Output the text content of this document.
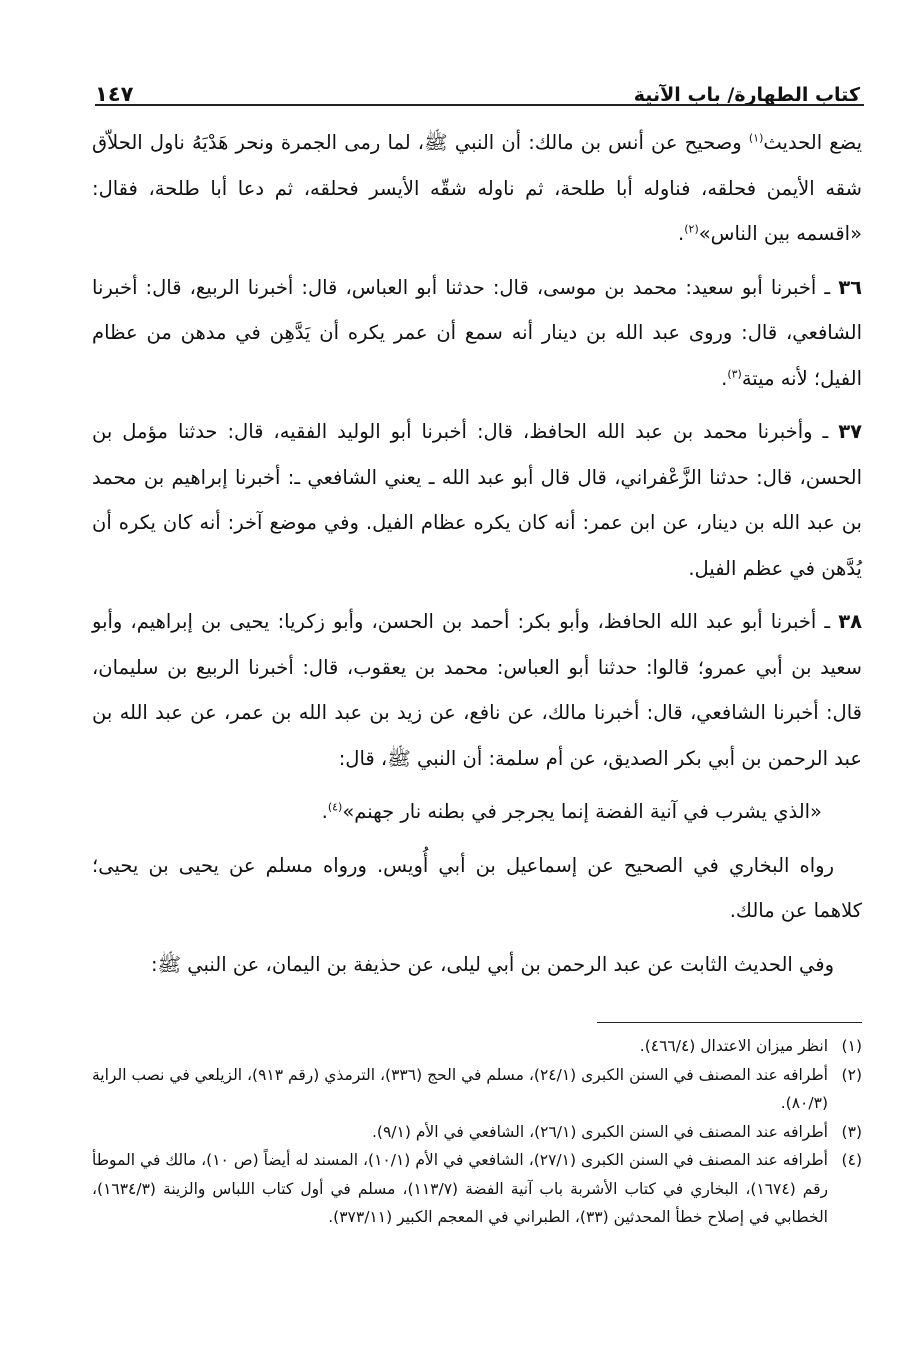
كتاب الطهارة/ باب الآنية
١٤٧

يضع الحديث$^{(١)}$ وصحيح عن أنس بن مالك: أن النبي ﷺ، لما رمى الجمرة ونحر هَدْيَهُ ناول الحلاّق شقه الأيمن فحلقه، فناوله أبا طلحة، ثم ناوله شقّه الأيسر فحلقه، ثم دعا أبا طلحة، فقال: «اقسمه بين الناس»$^{(٢)}$.

٣٦ ـ أخبرنا أبو سعيد: محمد بن موسى، قال: حدثنا أبو العباس، قال: أخبرنا الربيع، قال: أخبرنا الشافعي، قال: وروى عبد الله بن دينار أنه سمع أن عمر يكره أن يَدَّهِن في مدهن من عظام الفيل؛ لأنه ميتة$^{(٣)}$.

٣٧ ـ وأخبرنا محمد بن عبد الله الحافظ، قال: أخبرنا أبو الوليد الفقيه، قال: حدثنا مؤمل بن الحسن، قال: حدثنا الزَّعْفراني، قال قال أبو عبد الله ـ يعني الشافعي ـ: أخبرنا إبراهيم بن محمد بن عبد الله بن دينار، عن ابن عمر: أنه كان يكره عظام الفيل. وفي موضع آخر: أنه كان يكره أن يُدَّهن في عظم الفيل.

٣٨ ـ أخبرنا أبو عبد الله الحافظ، وأبو بكر: أحمد بن الحسن، وأبو زكريا: يحيى بن إبراهيم، وأبو سعيد بن أبي عمرو؛ قالوا: حدثنا أبو العباس: محمد بن يعقوب، قال: أخبرنا الربيع بن سليمان، قال: أخبرنا الشافعي، قال: أخبرنا مالك، عن نافع، عن زيد بن عبد الله بن عمر، عن عبد الله بن عبد الرحمن بن أبي بكر الصديق، عن أم سلمة: أن النبي ﷺ، قال:

«الذي يشرب في آنية الفضة إنما يجرجر في بطنه نار جهنم»$^{(٤)}$.

رواه البخاري في الصحيح عن إسماعيل بن أبي أُويس. ورواه مسلم عن يحيى بن يحيى؛ كلاهما عن مالك.

وفي الحديث الثابت عن عبد الرحمن بن أبي ليلى، عن حذيفة بن اليمان، عن النبي ﷺ:

(١)
انظر ميزان الاعتدال (٤٦٦/٤).
(٢)
أطرافه عند المصنف في السنن الكبرى (٢٤/١)، مسلم في الحج (٣٣٦)، الترمذي (رقم ٩١٣)، الزيلعي في نصب الراية (٨٠/٣).
(٣)
أطرافه عند المصنف في السنن الكبرى (٢٦/١)، الشافعي في الأم (٩/١).
(٤)
أطرافه عند المصنف في السنن الكبرى (٢٧/١)، الشافعي في الأم (١٠/١)، المسند له أيضاً (ص ١٠)، مالك في الموطأ رقم (١٦٧٤)، البخاري في كتاب الأشربة باب آنية الفضة (١١٣/٧)، مسلم في أول كتاب اللباس والزينة (١٦٣٤/٣)، الخطابي في إصلاح خطأ المحدثين (٣٣)، الطبراني في المعجم الكبير (٣٧٣/١١).
